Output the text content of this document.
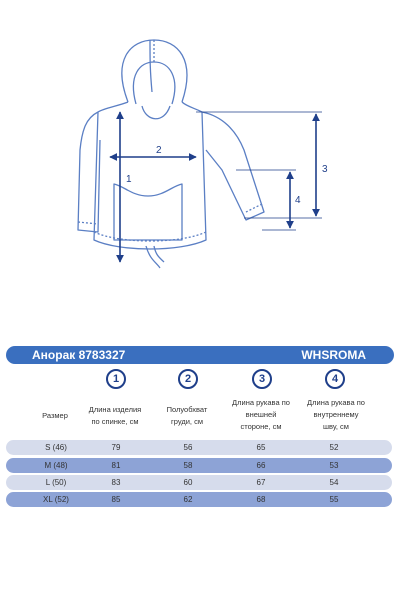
1
2
3
4
Анорак 8783327	WHSROMA
1	2	3	4
Размер
Длина изделия
по спинке, см
Полуобхват
груди, см
Длина рукава по
внешней
стороне, см
Длина рукава по
внутреннему
шву, см
S (46)	79	56	65	52
M (48)	81	58	66	53
L (50)	83	60	67	54
XL (52)	85	62	68	55
